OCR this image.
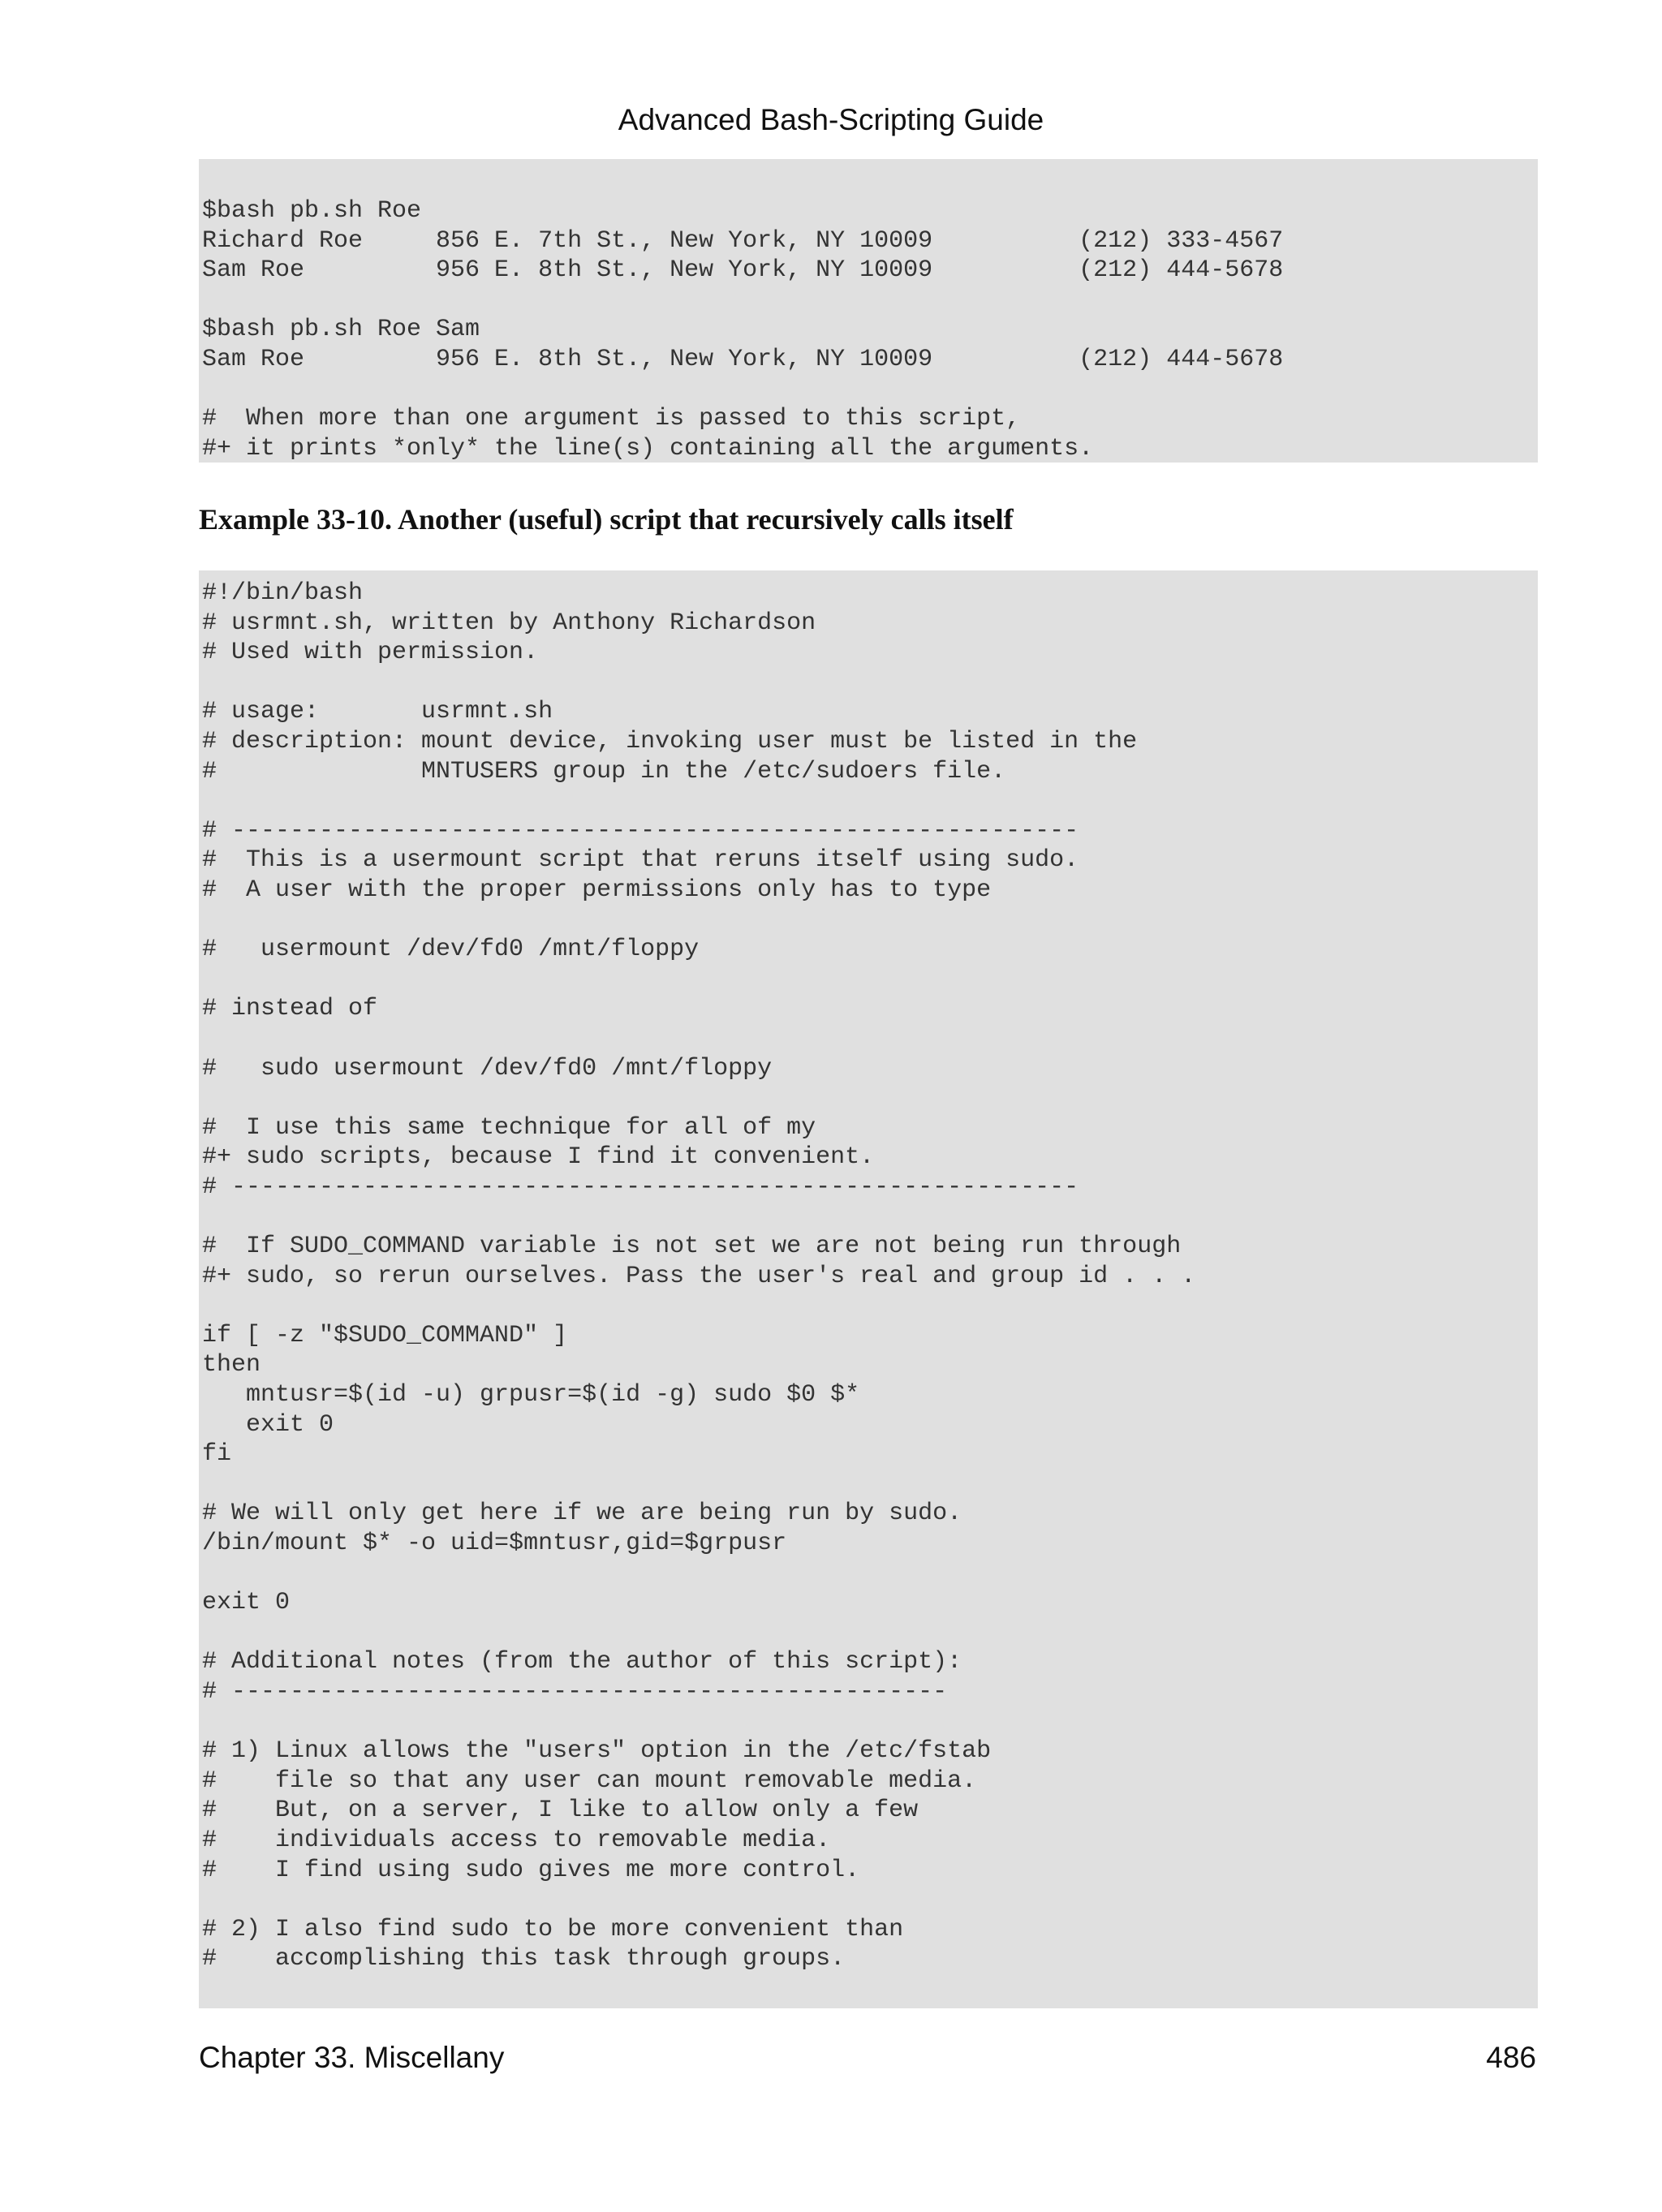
Advanced Bash-Scripting Guide
$bash pb.sh Roe
Richard Roe     856 E. 7th St., New York, NY 10009          (212) 333-4567
Sam Roe         956 E. 8th St., New York, NY 10009          (212) 444-5678

$bash pb.sh Roe Sam
Sam Roe         956 E. 8th St., New York, NY 10009          (212) 444-5678

#  When more than one argument is passed to this script,
#+ it prints *only* the line(s) containing all the arguments.
Example 33-10. Another (useful) script that recursively calls itself
#!/bin/bash
# usrmnt.sh, written by Anthony Richardson
# Used with permission.

# usage:       usrmnt.sh
# description: mount device, invoking user must be listed in the
#              MNTUSERS group in the /etc/sudoers file.

# ----------------------------------------------------------
#  This is a usermount script that reruns itself using sudo.
#  A user with the proper permissions only has to type

#   usermount /dev/fd0 /mnt/floppy

# instead of

#   sudo usermount /dev/fd0 /mnt/floppy

#  I use this same technique for all of my
#+ sudo scripts, because I find it convenient.
# ----------------------------------------------------------

#  If SUDO_COMMAND variable is not set we are not being run through
#+ sudo, so rerun ourselves. Pass the user's real and group id . . .

if [ -z "$SUDO_COMMAND" ]
then
mntusr=$(id -u) grpusr=$(id -g) sudo $0 $*
exit 0
fi

# We will only get here if we are being run by sudo.
/bin/mount $* -o uid=$mntusr,gid=$grpusr

exit 0

# Additional notes (from the author of this script):
# -------------------------------------------------

# 1) Linux allows the "users" option in the /etc/fstab
#    file so that any user can mount removable media.
#    But, on a server, I like to allow only a few
#    individuals access to removable media.
#    I find using sudo gives me more control.

# 2) I also find sudo to be more convenient than
#    accomplishing this task through groups.
Chapter 33. Miscellany	486
